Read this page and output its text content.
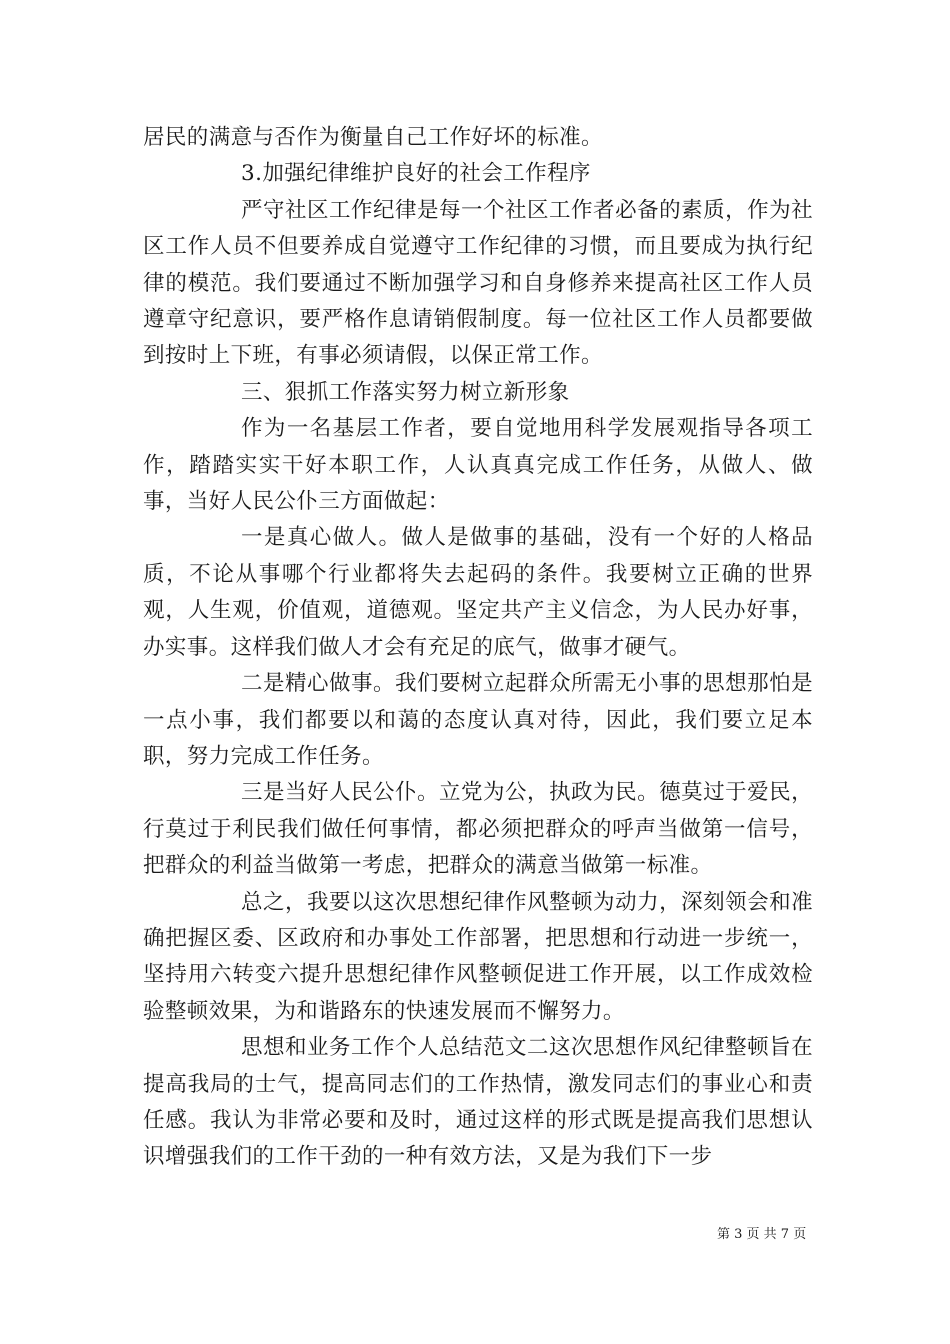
居民的满意与否作为衡量自己工作好坏的标准。

3.加强纪律维护良好的社会工作程序

严守社区工作纪律是每一个社区工作者必备的素质，作为社区工作人员不但要养成自觉遵守工作纪律的习惯，而且要成为执行纪律的模范。我们要通过不断加强学习和自身修养来提高社区工作人员遵章守纪意识，要严格作息请销假制度。每一位社区工作人员都要做到按时上下班，有事必须请假，以保正常工作。

三、狠抓工作落实努力树立新形象

作为一名基层工作者，要自觉地用科学发展观指导各项工作，踏踏实实干好本职工作，人认真真完成工作任务，从做人、做事，当好人民公仆三方面做起：

一是真心做人。做人是做事的基础，没有一个好的人格品质，不论从事哪个行业都将失去起码的条件。我要树立正确的世界观，人生观，价值观，道德观。坚定共产主义信念，为人民办好事，办实事。这样我们做人才会有充足的底气，做事才硬气。

二是精心做事。我们要树立起群众所需无小事的思想那怕是一点小事，我们都要以和蔼的态度认真对待，因此，我们要立足本职，努力完成工作任务。

三是当好人民公仆。立党为公，执政为民。德莫过于爱民，行莫过于利民我们做任何事情，都必须把群众的呼声当做第一信号，把群众的利益当做第一考虑，把群众的满意当做第一标准。

总之，我要以这次思想纪律作风整顿为动力，深刻领会和准确把握区委、区政府和办事处工作部署，把思想和行动进一步统一，坚持用六转变六提升思想纪律作风整顿促进工作开展，以工作成效检验整顿效果，为和谐路东的快速发展而不懈努力。

思想和业务工作个人总结范文二这次思想作风纪律整顿旨在提高我局的士气，提高同志们的工作热情，激发同志们的事业心和责任感。我认为非常必要和及时，通过这样的形式既是提高我们思想认识增强我们的工作干劲的一种有效方法，又是为我们下一步

第 3 页 共 7 页
